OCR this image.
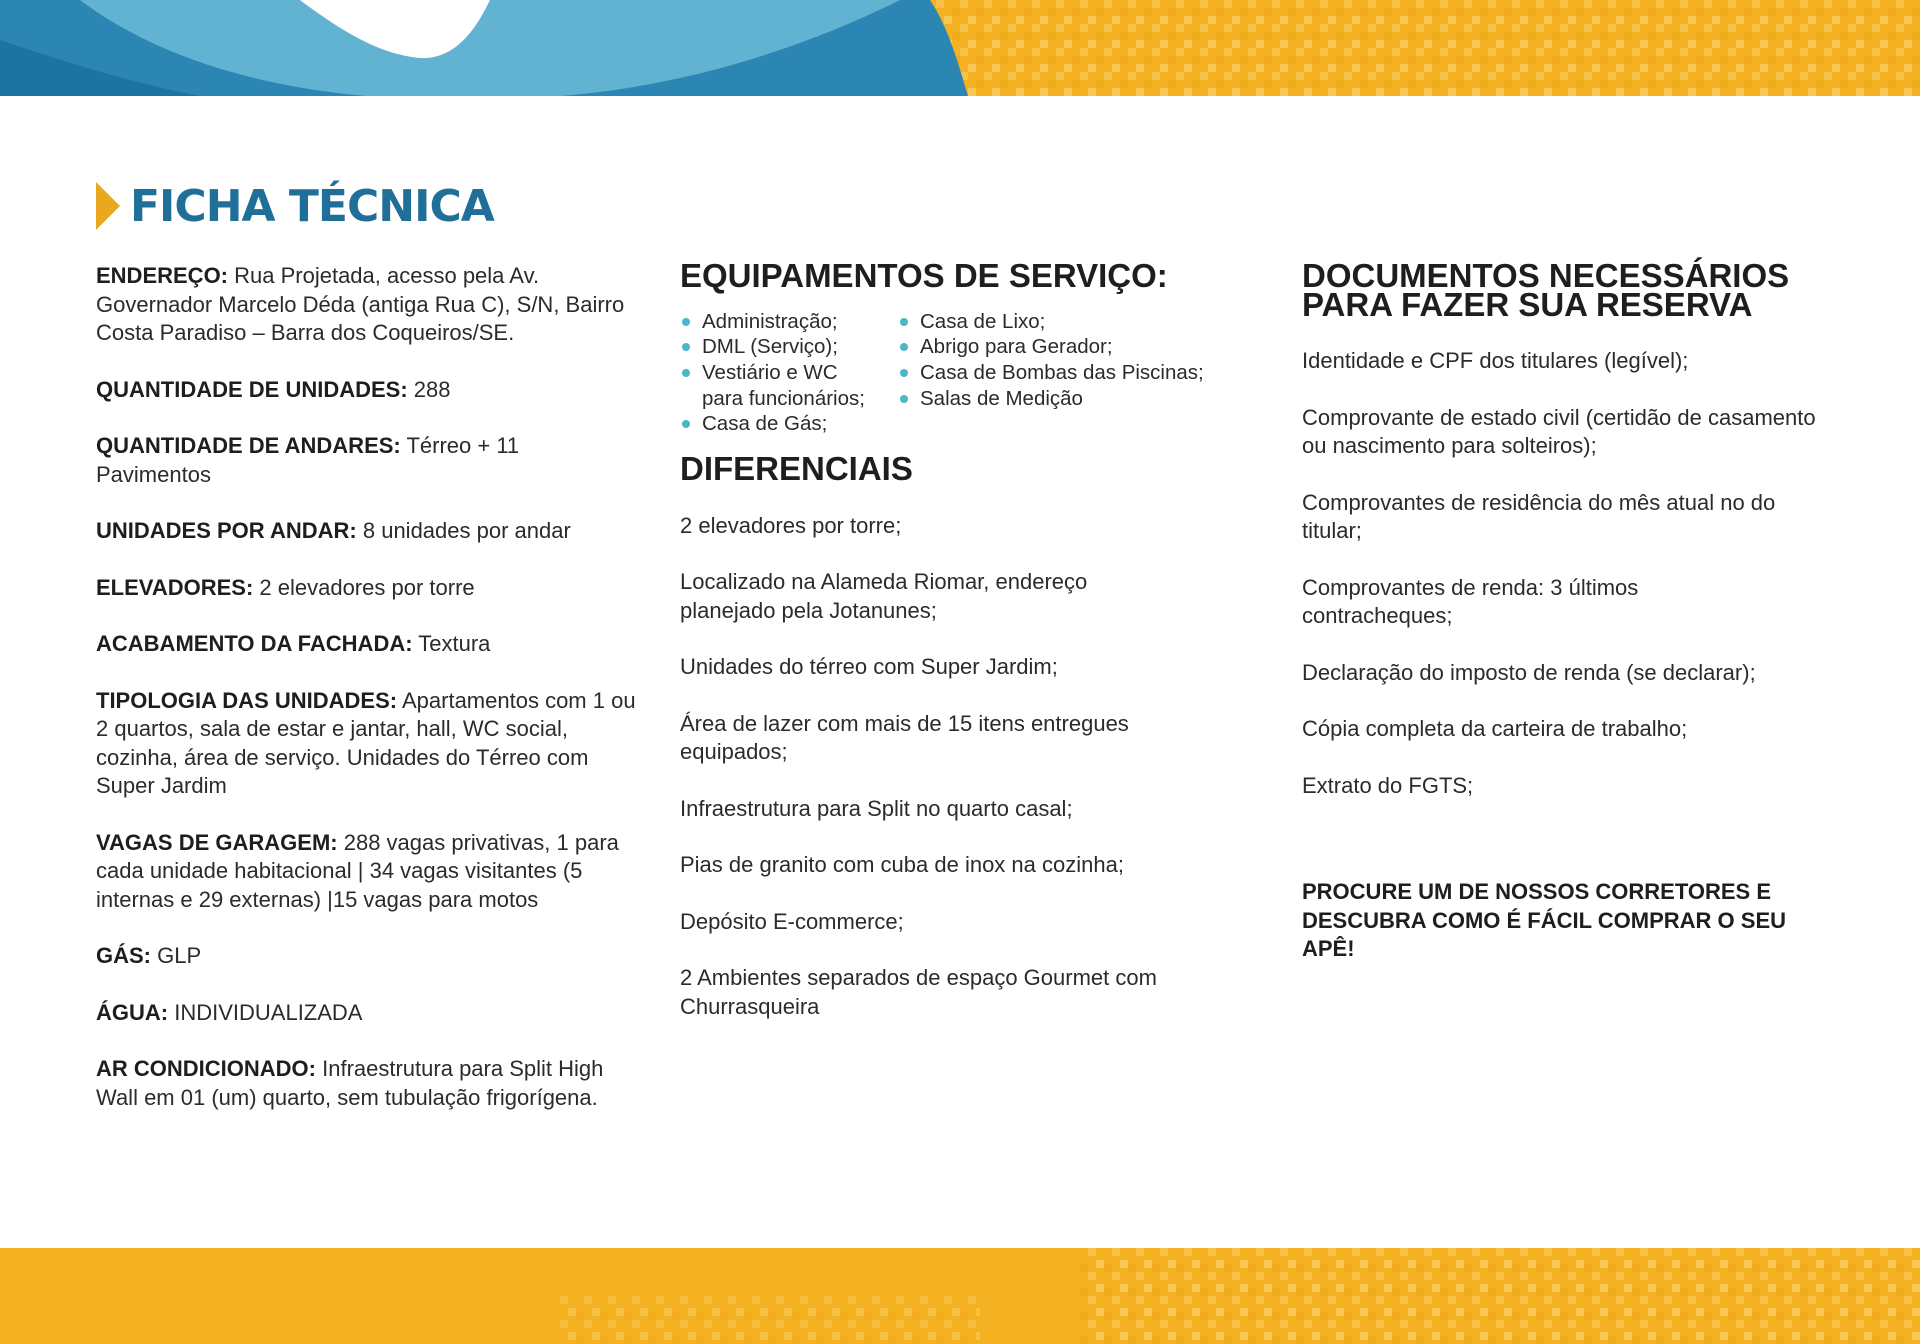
FICHA TÉCNICA

ENDEREÇO: Rua Projetada, acesso pela Av. Governador Marcelo Déda (antiga Rua C), S/N, Bairro Costa Paradiso – Barra dos Coqueiros/SE.

QUANTIDADE DE UNIDADES: 288

QUANTIDADE DE ANDARES: Térreo + 11 Pavimentos

UNIDADES POR ANDAR: 8 unidades por andar

ELEVADORES: 2 elevadores por torre

ACABAMENTO DA FACHADA: Textura

TIPOLOGIA DAS UNIDADES: Apartamentos com 1 ou 2 quartos, sala de estar e jantar, hall, WC social, cozinha, área de serviço. Unidades do Térreo com Super Jardim

VAGAS DE GARAGEM: 288 vagas privativas, 1 para cada unidade habitacional | 34 vagas visitantes (5 internas e 29 externas) |15 vagas para motos

GÁS: GLP

ÁGUA: INDIVIDUALIZADA

AR CONDICIONADO: Infraestrutura para Split High Wall em 01 (um) quarto, sem tubulação frigorígena.

EQUIPAMENTOS DE SERVIÇO:
Administração;
DML (Serviço);
Vestiário e WC para funcionários;
Casa de Gás;
Casa de Lixo;
Abrigo para Gerador;
Casa de Bombas das Piscinas;
Salas de Medição
DIFERENCIAIS

2 elevadores por torre;

Localizado na Alameda Riomar, endereço planejado pela Jotanunes;

Unidades do térreo com Super Jardim;

Área de lazer com mais de 15 itens entregues equipados;

Infraestrutura para Split no quarto casal;

Pias de granito com cuba de inox na cozinha;

Depósito E-commerce;

2 Ambientes separados de espaço Gourmet com Churrasqueira

DOCUMENTOS NECESSÁRIOS PARA FAZER SUA RESERVA

Identidade e CPF dos titulares (legível);

Comprovante de estado civil (certidão de casamento ou nascimento para solteiros);

Comprovantes de residência do mês atual no do titular;

Comprovantes de renda: 3 últimos contracheques;

Declaração do imposto de renda (se declarar);

Cópia completa da carteira de trabalho;

Extrato do FGTS;

PROCURE UM DE NOSSOS CORRETORES E DESCUBRA COMO É FÁCIL COMPRAR O SEU APÊ!
